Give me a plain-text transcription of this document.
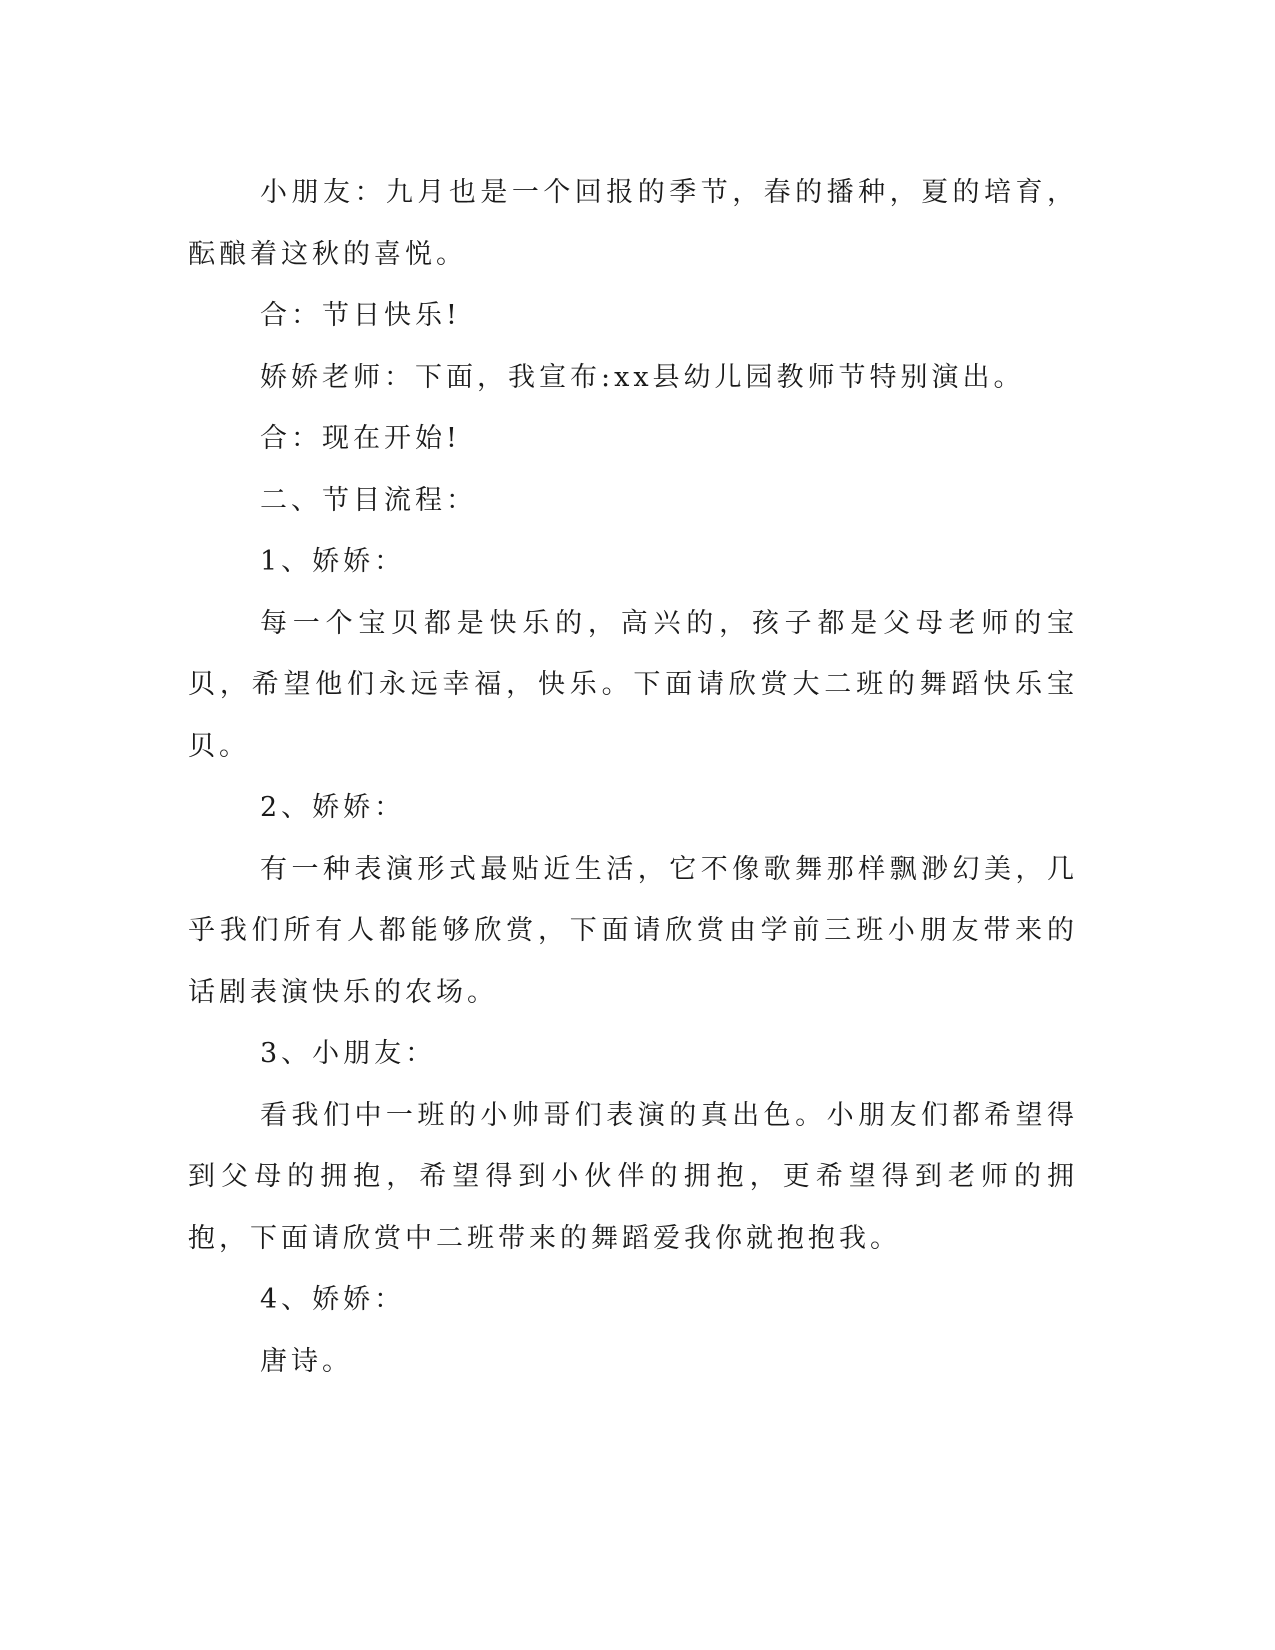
小朋友：九月也是一个回报的季节，春的播种，夏的培育，酝酿着这秋的喜悦。

合：节日快乐!

娇娇老师：下面，我宣布:xx县幼儿园教师节特别演出。

合：现在开始!

二、节目流程：

1、娇娇：

每一个宝贝都是快乐的，高兴的，孩子都是父母老师的宝贝，希望他们永远幸福，快乐。下面请欣赏大二班的舞蹈快乐宝贝。

2、娇娇：

有一种表演形式最贴近生活，它不像歌舞那样飘渺幻美，几乎我们所有人都能够欣赏，下面请欣赏由学前三班小朋友带来的话剧表演快乐的农场。

3、小朋友：

看我们中一班的小帅哥们表演的真出色。小朋友们都希望得到父母的拥抱，希望得到小伙伴的拥抱，更希望得到老师的拥抱，下面请欣赏中二班带来的舞蹈爱我你就抱抱我。

4、娇娇：

唐诗。
